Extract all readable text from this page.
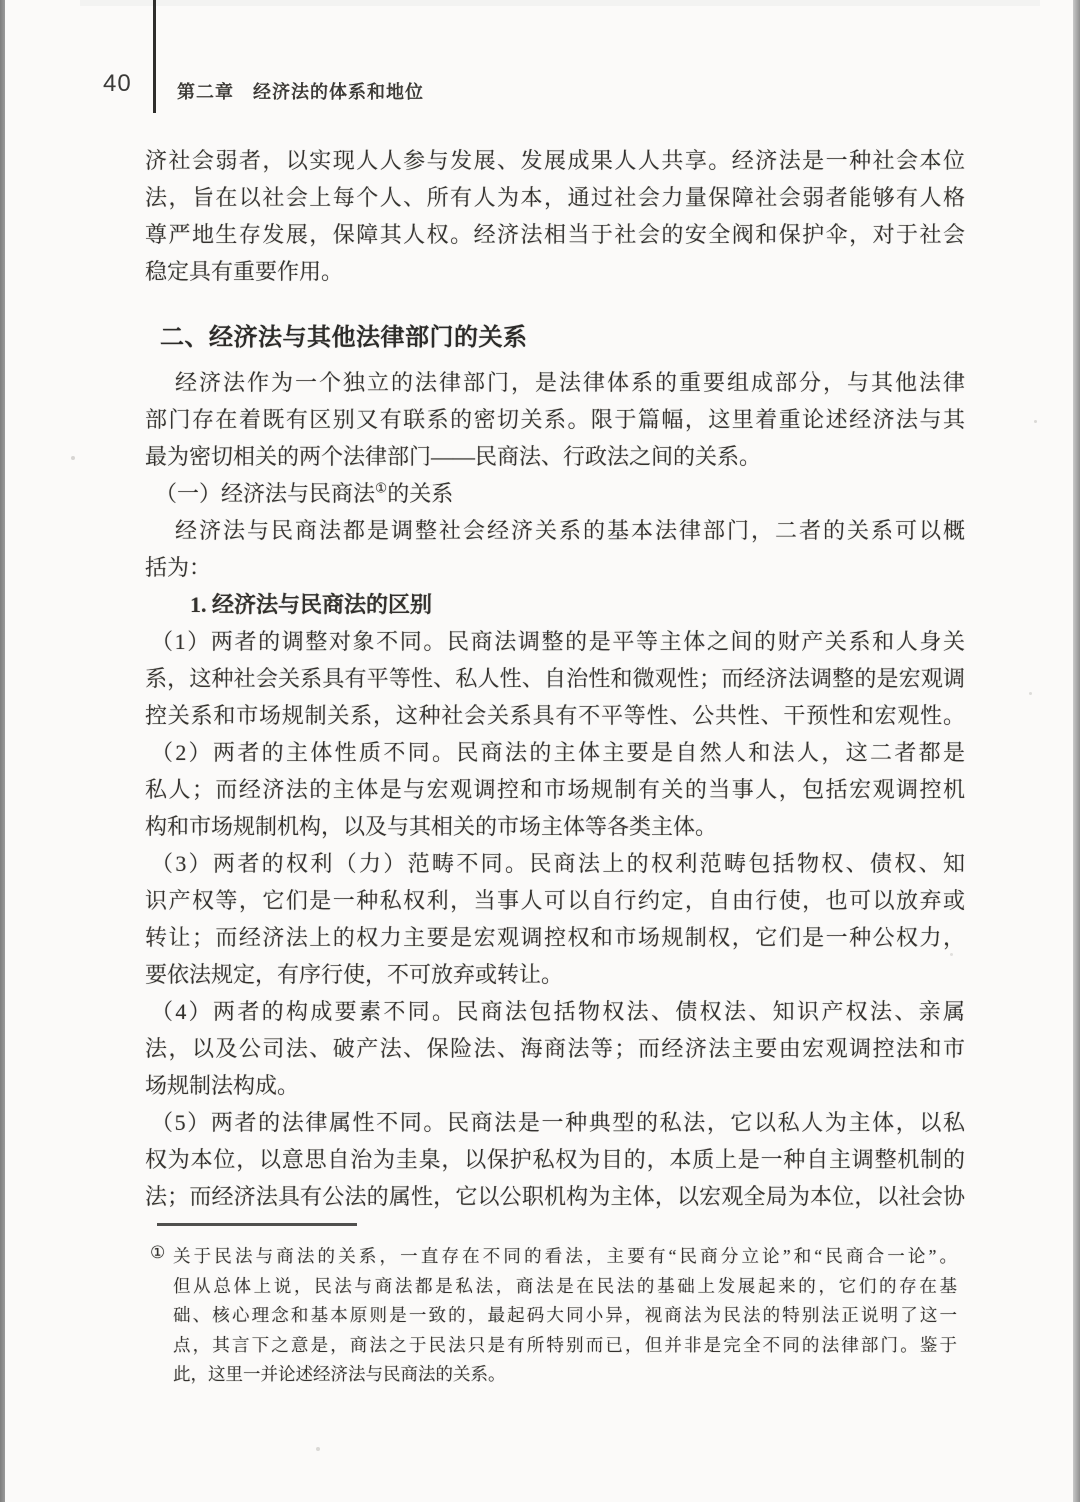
40	第二章　经济法的体系和地位
济社会弱者，以实现人人参与发展、发展成果人人共享。经济法是一种社会本位
法，旨在以社会上每个人、所有人为本，通过社会力量保障社会弱者能够有人格
尊严地生存发展，保障其人权。经济法相当于社会的安全阀和保护伞，对于社会
稳定具有重要作用。
二、经济法与其他法律部门的关系
经济法作为一个独立的法律部门，是法律体系的重要组成部分，与其他法律
部门存在着既有区别又有联系的密切关系。限于篇幅，这里着重论述经济法与其
最为密切相关的两个法律部门——民商法、行政法之间的关系。
（一）经济法与民商法①的关系
经济法与民商法都是调整社会经济关系的基本法律部门，二者的关系可以概
括为：
1. 经济法与民商法的区别
（1）两者的调整对象不同。民商法调整的是平等主体之间的财产关系和人身关
系，这种社会关系具有平等性、私人性、自治性和微观性；而经济法调整的是宏观调
控关系和市场规制关系，这种社会关系具有不平等性、公共性、干预性和宏观性。
（2）两者的主体性质不同。民商法的主体主要是自然人和法人，这二者都是
私人；而经济法的主体是与宏观调控和市场规制有关的当事人，包括宏观调控机
构和市场规制机构，以及与其相关的市场主体等各类主体。
（3）两者的权利（力）范畴不同。民商法上的权利范畴包括物权、债权、知
识产权等，它们是一种私权利，当事人可以自行约定，自由行使，也可以放弃或
转让；而经济法上的权力主要是宏观调控权和市场规制权，它们是一种公权力，
要依法规定，有序行使，不可放弃或转让。
（4）两者的构成要素不同。民商法包括物权法、债权法、知识产权法、亲属
法，以及公司法、破产法、保险法、海商法等；而经济法主要由宏观调控法和市
场规制法构成。
（5）两者的法律属性不同。民商法是一种典型的私法，它以私人为主体，以私
权为本位，以意思自治为圭臬，以保护私权为目的，本质上是一种自主调整机制的
法；而经济法具有公法的属性，它以公职机构为主体，以宏观全局为本位，以社会协
① 关于民法与商法的关系，一直存在不同的看法，主要有“民商分立论”和“民商合一论”。
但从总体上说，民法与商法都是私法，商法是在民法的基础上发展起来的，它们的存在基
础、核心理念和基本原则是一致的，最起码大同小异，视商法为民法的特别法正说明了这一
点，其言下之意是，商法之于民法只是有所特别而已，但并非是完全不同的法律部门。鉴于
此，这里一并论述经济法与民商法的关系。
